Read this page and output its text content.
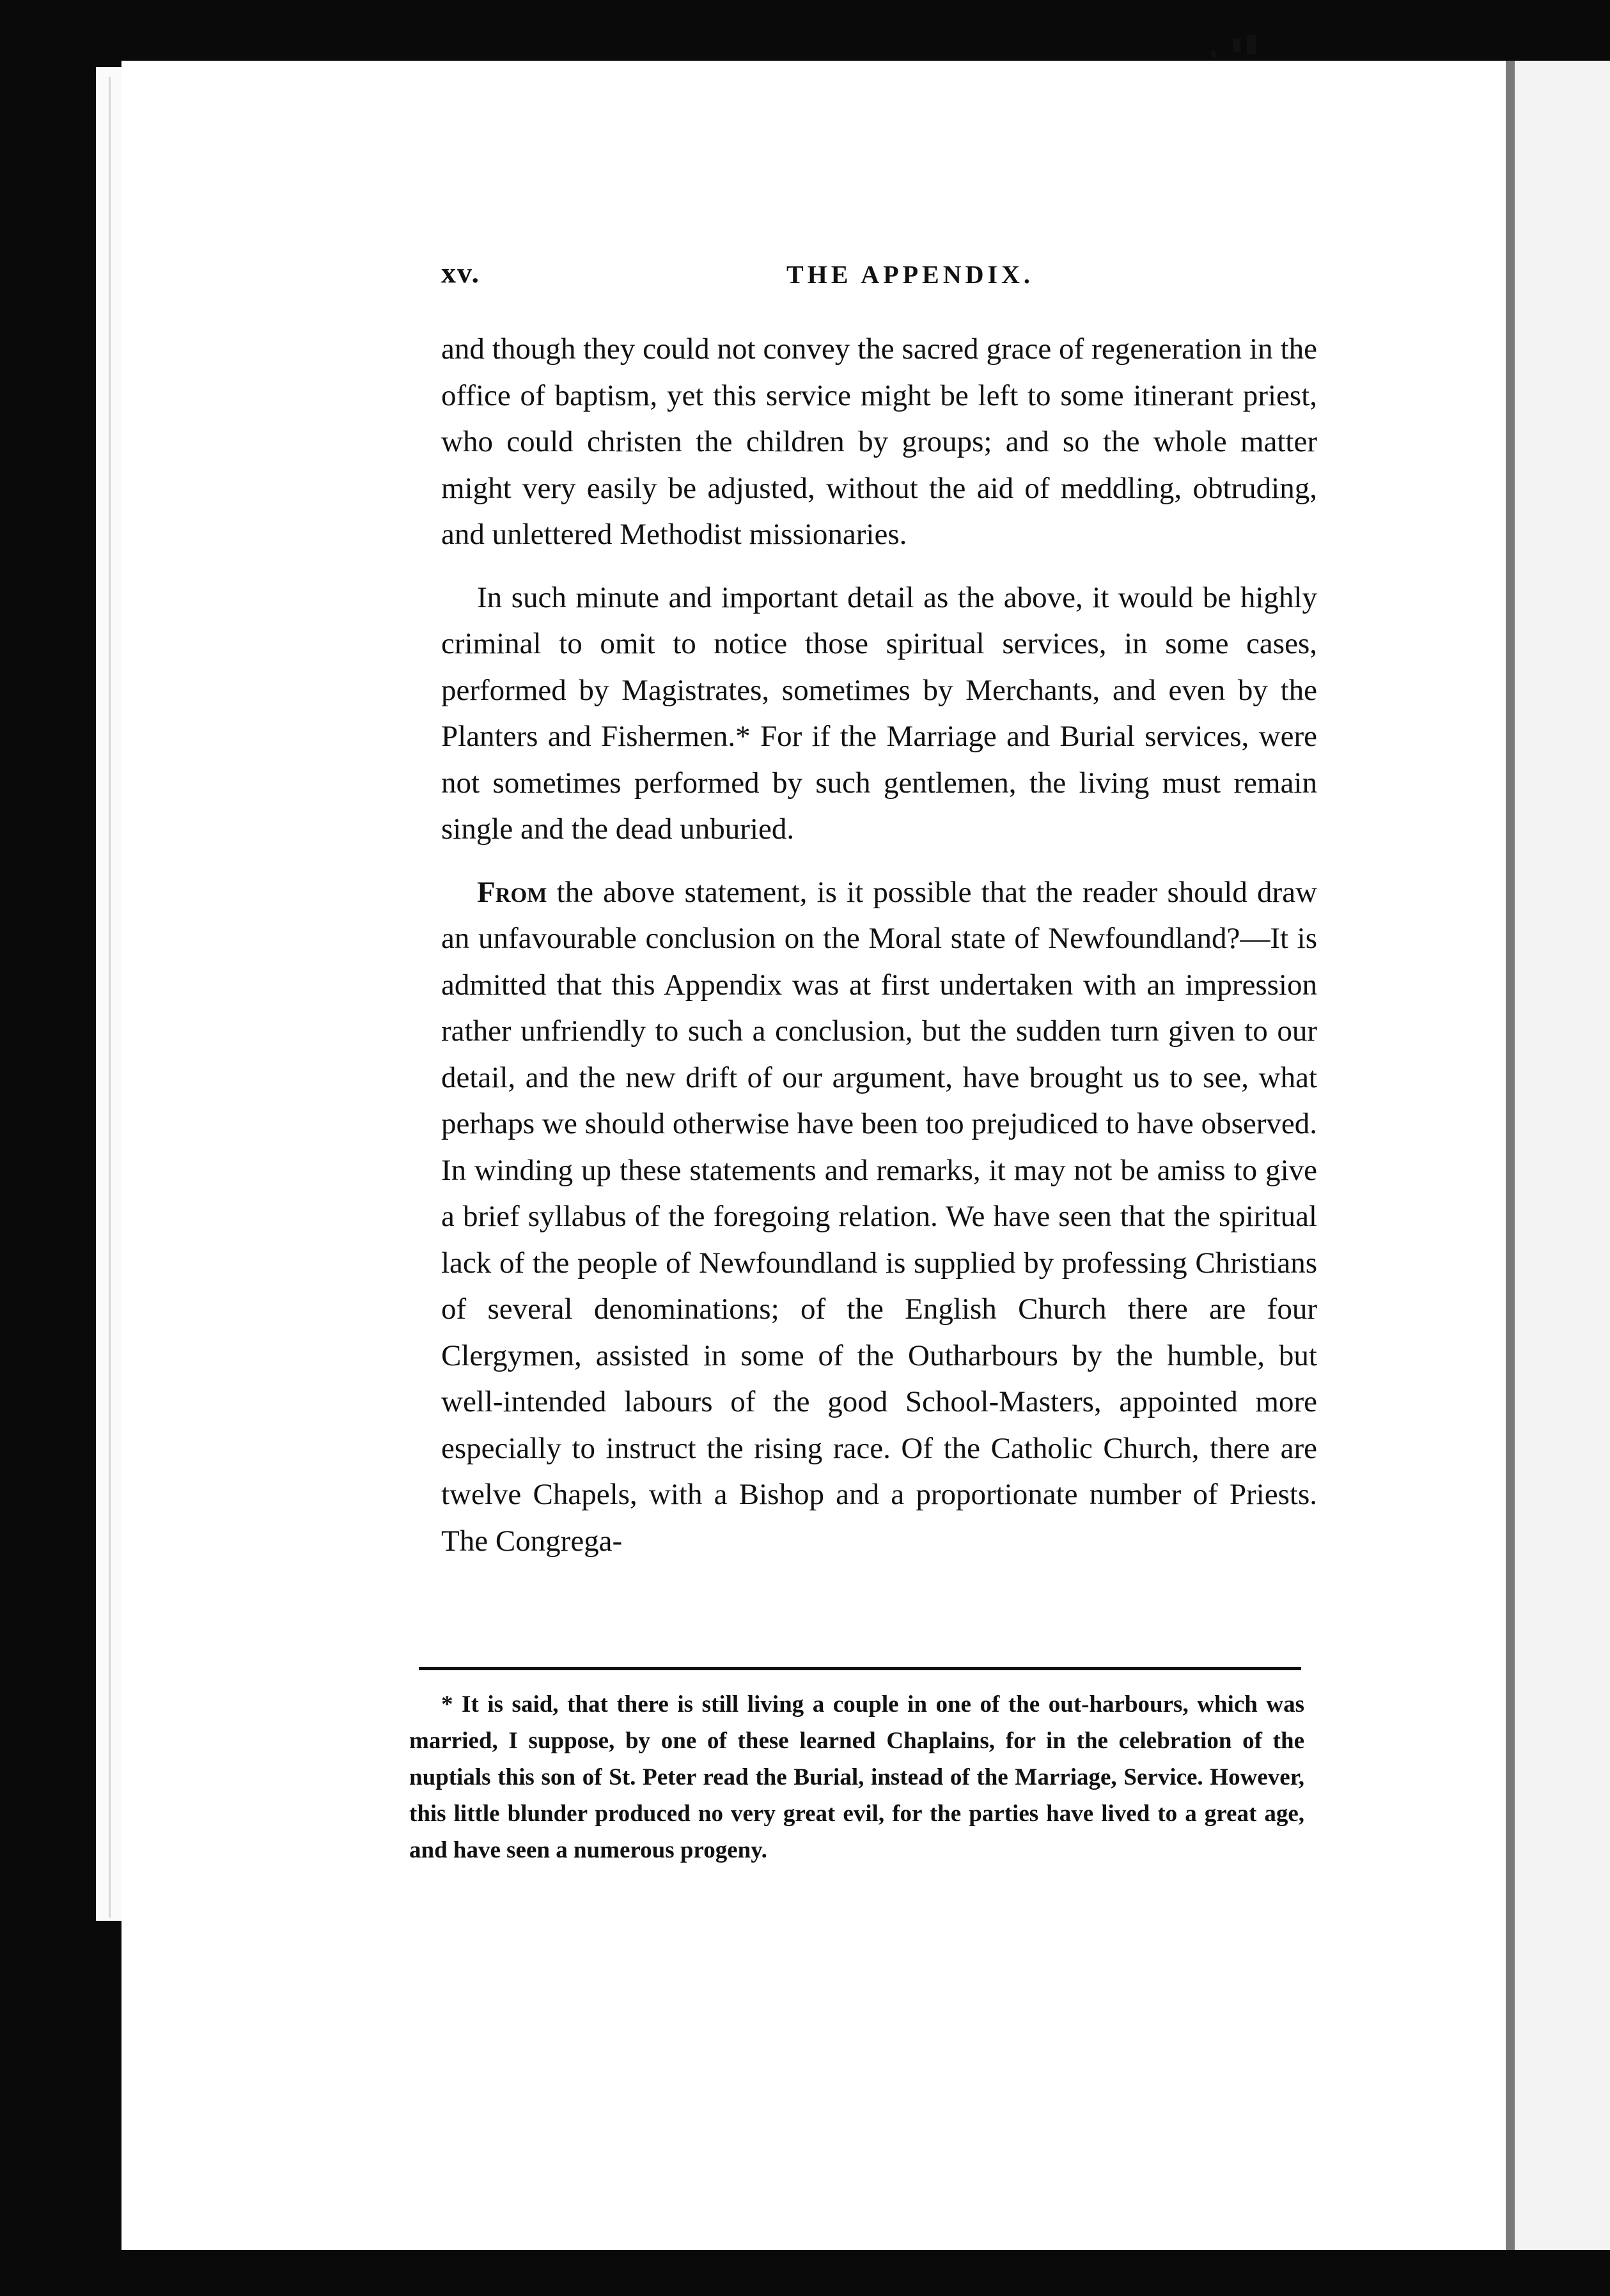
xv.	THE APPENDIX.

and though they could not convey the sacred grace of regeneration in the office of baptism, yet this service might be left to some itinerant priest, who could christen the children by groups; and so the whole matter might very easily be adjusted, without the aid of meddling, obtruding, and unlettered Methodist missionaries.

In such minute and important detail as the above, it would be highly criminal to omit to notice those spiritual services, in some cases, performed by Magistrates, sometimes by Merchants, and even by the Planters and Fishermen.* For if the Marriage and Burial services, were not sometimes performed by such gentlemen, the living must remain single and the dead unburied.

From the above statement, is it possible that the reader should draw an unfavourable conclusion on the Moral state of Newfoundland?—It is admitted that this Appendix was at first undertaken with an impression rather unfriendly to such a conclusion, but the sudden turn given to our detail, and the new drift of our argument, have brought us to see, what perhaps we should otherwise have been too prejudiced to have observed. In winding up these statements and remarks, it may not be amiss to give a brief syllabus of the foregoing relation. We have seen that the spiritual lack of the people of Newfoundland is supplied by professing Christians of several denominations; of the English Church there are four Clergymen, assisted in some of the Outharbours by the humble, but well-intended labours of the good School-Masters, appointed more especially to instruct the rising race. Of the Catholic Church, there are twelve Chapels, with a Bishop and a proportionate number of Priests. The Congrega-

* It is said, that there is still living a couple in one of the out-harbours, which was married, I suppose, by one of these learned Chaplains, for in the celebration of the nuptials this son of St. Peter read the Burial, instead of the Marriage, Service. However, this little blunder produced no very great evil, for the parties have lived to a great age, and have seen a numerous progeny.
